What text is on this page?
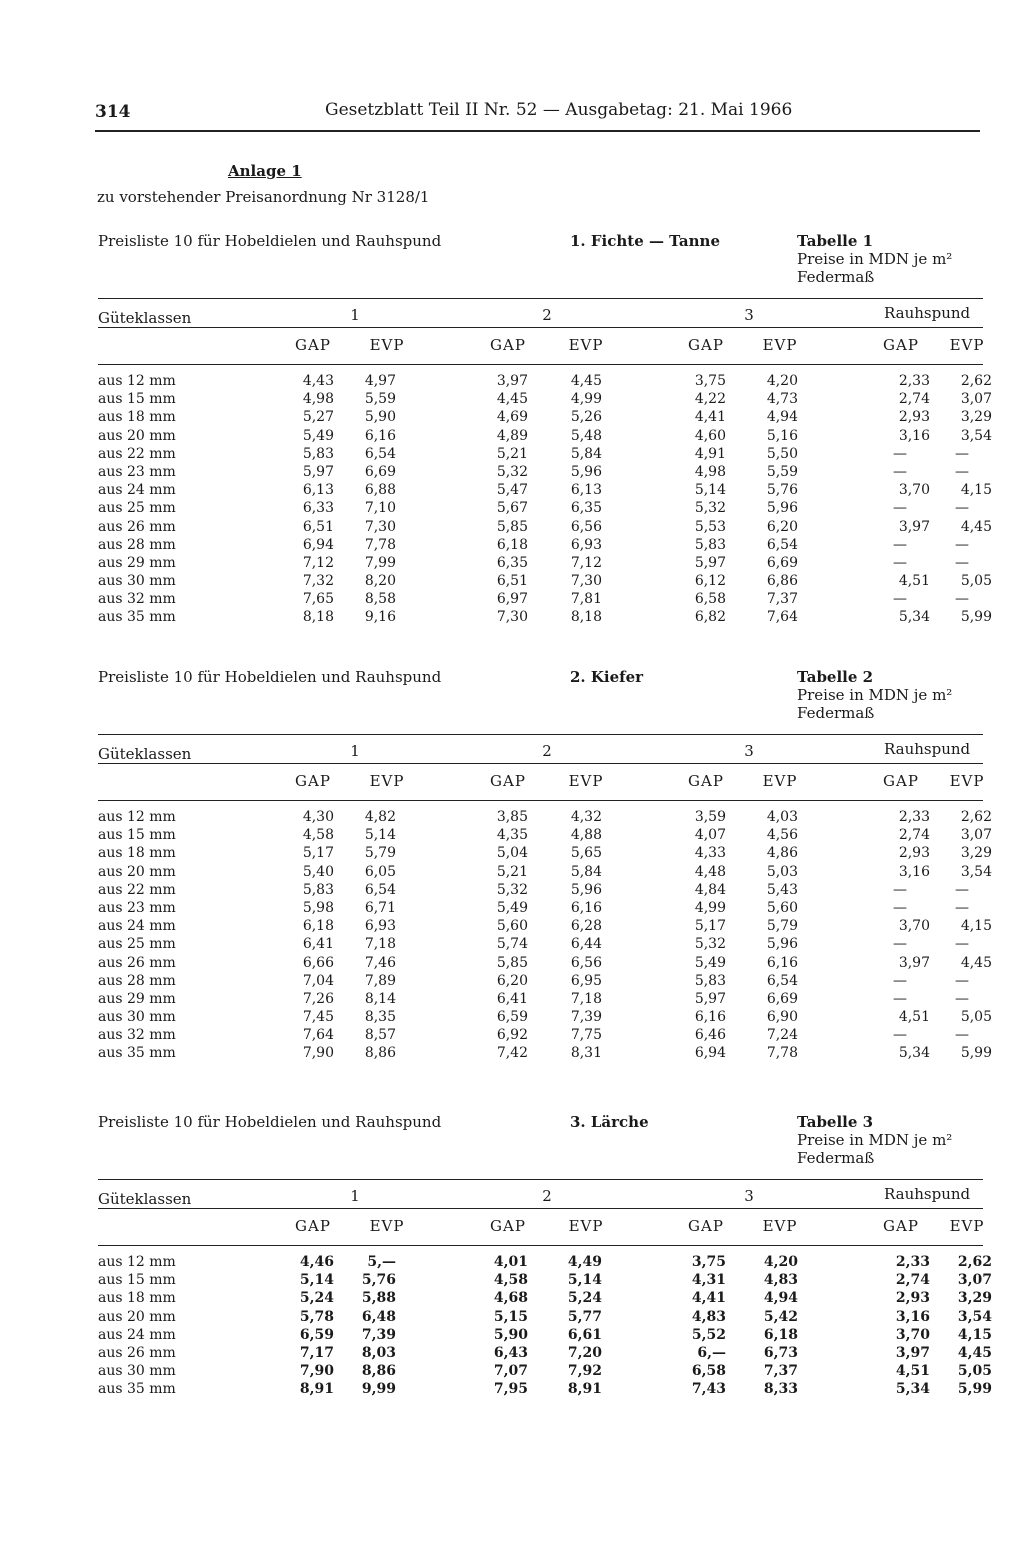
314	Gesetzblatt Teil II Nr. 52 — Ausgabetag: 21. Mai 1966
Anlage 1
zu vorstehender Preisanordnung Nr 3128/1
Preisliste 10 für Hobeldielen und Rauhspund	1. Fichte — Tanne	Tabelle 1
Preise in MDN je m²
Federmaß
Güteklassen	1	2	3	Rauhspund
GAP	EVP	GAP	EVP	GAP	EVP	GAP	EVP
aus 12 mm	4,43	4,97	3,97	4,45	3,75	4,20	2,33	2,62
aus 15 mm	4,98	5,59	4,45	4,99	4,22	4,73	2,74	3,07
aus 18 mm	5,27	5,90	4,69	5,26	4,41	4,94	2,93	3,29
aus 20 mm	5,49	6,16	4,89	5,48	4,60	5,16	3,16	3,54
aus 22 mm	5,83	6,54	5,21	5,84	4,91	5,50	—	—
aus 23 mm	5,97	6,69	5,32	5,96	4,98	5,59	—	—
aus 24 mm	6,13	6,88	5,47	6,13	5,14	5,76	3,70	4,15
aus 25 mm	6,33	7,10	5,67	6,35	5,32	5,96	—	—
aus 26 mm	6,51	7,30	5,85	6,56	5,53	6,20	3,97	4,45
aus 28 mm	6,94	7,78	6,18	6,93	5,83	6,54	—	—
aus 29 mm	7,12	7,99	6,35	7,12	5,97	6,69	—	—
aus 30 mm	7,32	8,20	6,51	7,30	6,12	6,86	4,51	5,05
aus 32 mm	7,65	8,58	6,97	7,81	6,58	7,37	—	—
aus 35 mm	8,18	9,16	7,30	8,18	6,82	7,64	5,34	5,99
Preisliste 10 für Hobeldielen und Rauhspund	2. Kiefer	Tabelle 2
Preise in MDN je m²
Federmaß
Güteklassen	1	2	3	Rauhspund
GAP	EVP	GAP	EVP	GAP	EVP	GAP	EVP
aus 12 mm	4,30	4,82	3,85	4,32	3,59	4,03	2,33	2,62
aus 15 mm	4,58	5,14	4,35	4,88	4,07	4,56	2,74	3,07
aus 18 mm	5,17	5,79	5,04	5,65	4,33	4,86	2,93	3,29
aus 20 mm	5,40	6,05	5,21	5,84	4,48	5,03	3,16	3,54
aus 22 mm	5,83	6,54	5,32	5,96	4,84	5,43	—	—
aus 23 mm	5,98	6,71	5,49	6,16	4,99	5,60	—	—
aus 24 mm	6,18	6,93	5,60	6,28	5,17	5,79	3,70	4,15
aus 25 mm	6,41	7,18	5,74	6,44	5,32	5,96	—	—
aus 26 mm	6,66	7,46	5,85	6,56	5,49	6,16	3,97	4,45
aus 28 mm	7,04	7,89	6,20	6,95	5,83	6,54	—	—
aus 29 mm	7,26	8,14	6,41	7,18	5,97	6,69	—	—
aus 30 mm	7,45	8,35	6,59	7,39	6,16	6,90	4,51	5,05
aus 32 mm	7,64	8,57	6,92	7,75	6,46	7,24	—	—
aus 35 mm	7,90	8,86	7,42	8,31	6,94	7,78	5,34	5,99
Preisliste 10 für Hobeldielen und Rauhspund	3. Lärche	Tabelle 3
Preise in MDN je m²
Federmaß
Güteklassen	1	2	3	Rauhspund
GAP	EVP	GAP	EVP	GAP	EVP	GAP	EVP
aus 12 mm	4,46	5,—	4,01	4,49	3,75	4,20	2,33	2,62
aus 15 mm	5,14	5,76	4,58	5,14	4,31	4,83	2,74	3,07
aus 18 mm	5,24	5,88	4,68	5,24	4,41	4,94	2,93	3,29
aus 20 mm	5,78	6,48	5,15	5,77	4,83	5,42	3,16	3,54
aus 24 mm	6,59	7,39	5,90	6,61	5,52	6,18	3,70	4,15
aus 26 mm	7,17	8,03	6,43	7,20	6,—	6,73	3,97	4,45
aus 30 mm	7,90	8,86	7,07	7,92	6,58	7,37	4,51	5,05
aus 35 mm	8,91	9,99	7,95	8,91	7,43	8,33	5,34	5,99
